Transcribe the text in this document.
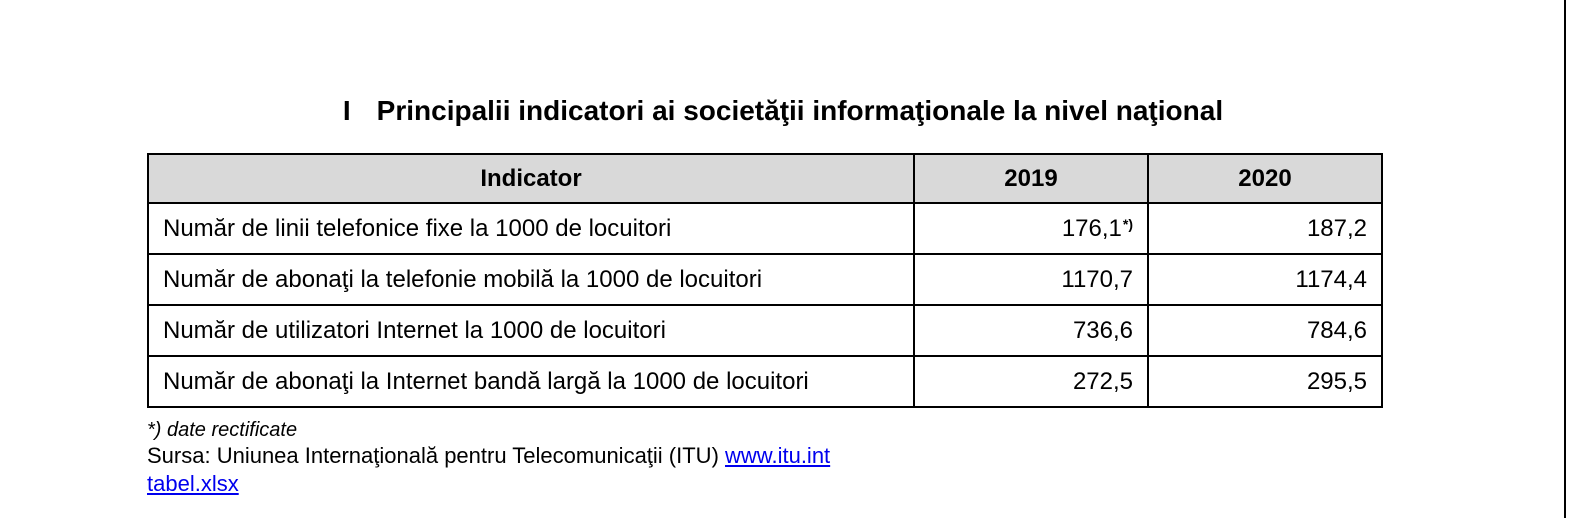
I Principalii indicatori ai societăţii informaţionale la nivel naţional
Indicator	2019	2020
Număr de linii telefonice fixe la 1000 de locuitori	176,1*)	187,2
Număr de abonaţi la telefonie mobilă la 1000 de locuitori	1170,7	1174,4
Număr de utilizatori Internet la 1000 de locuitori	736,6	784,6
Număr de abonaţi la Internet bandă largă la 1000 de locuitori	272,5	295,5
*) date rectificate
Sursa: Uniunea Internaţională pentru Telecomunicaţii (ITU) www.itu.int
tabel.xlsx
